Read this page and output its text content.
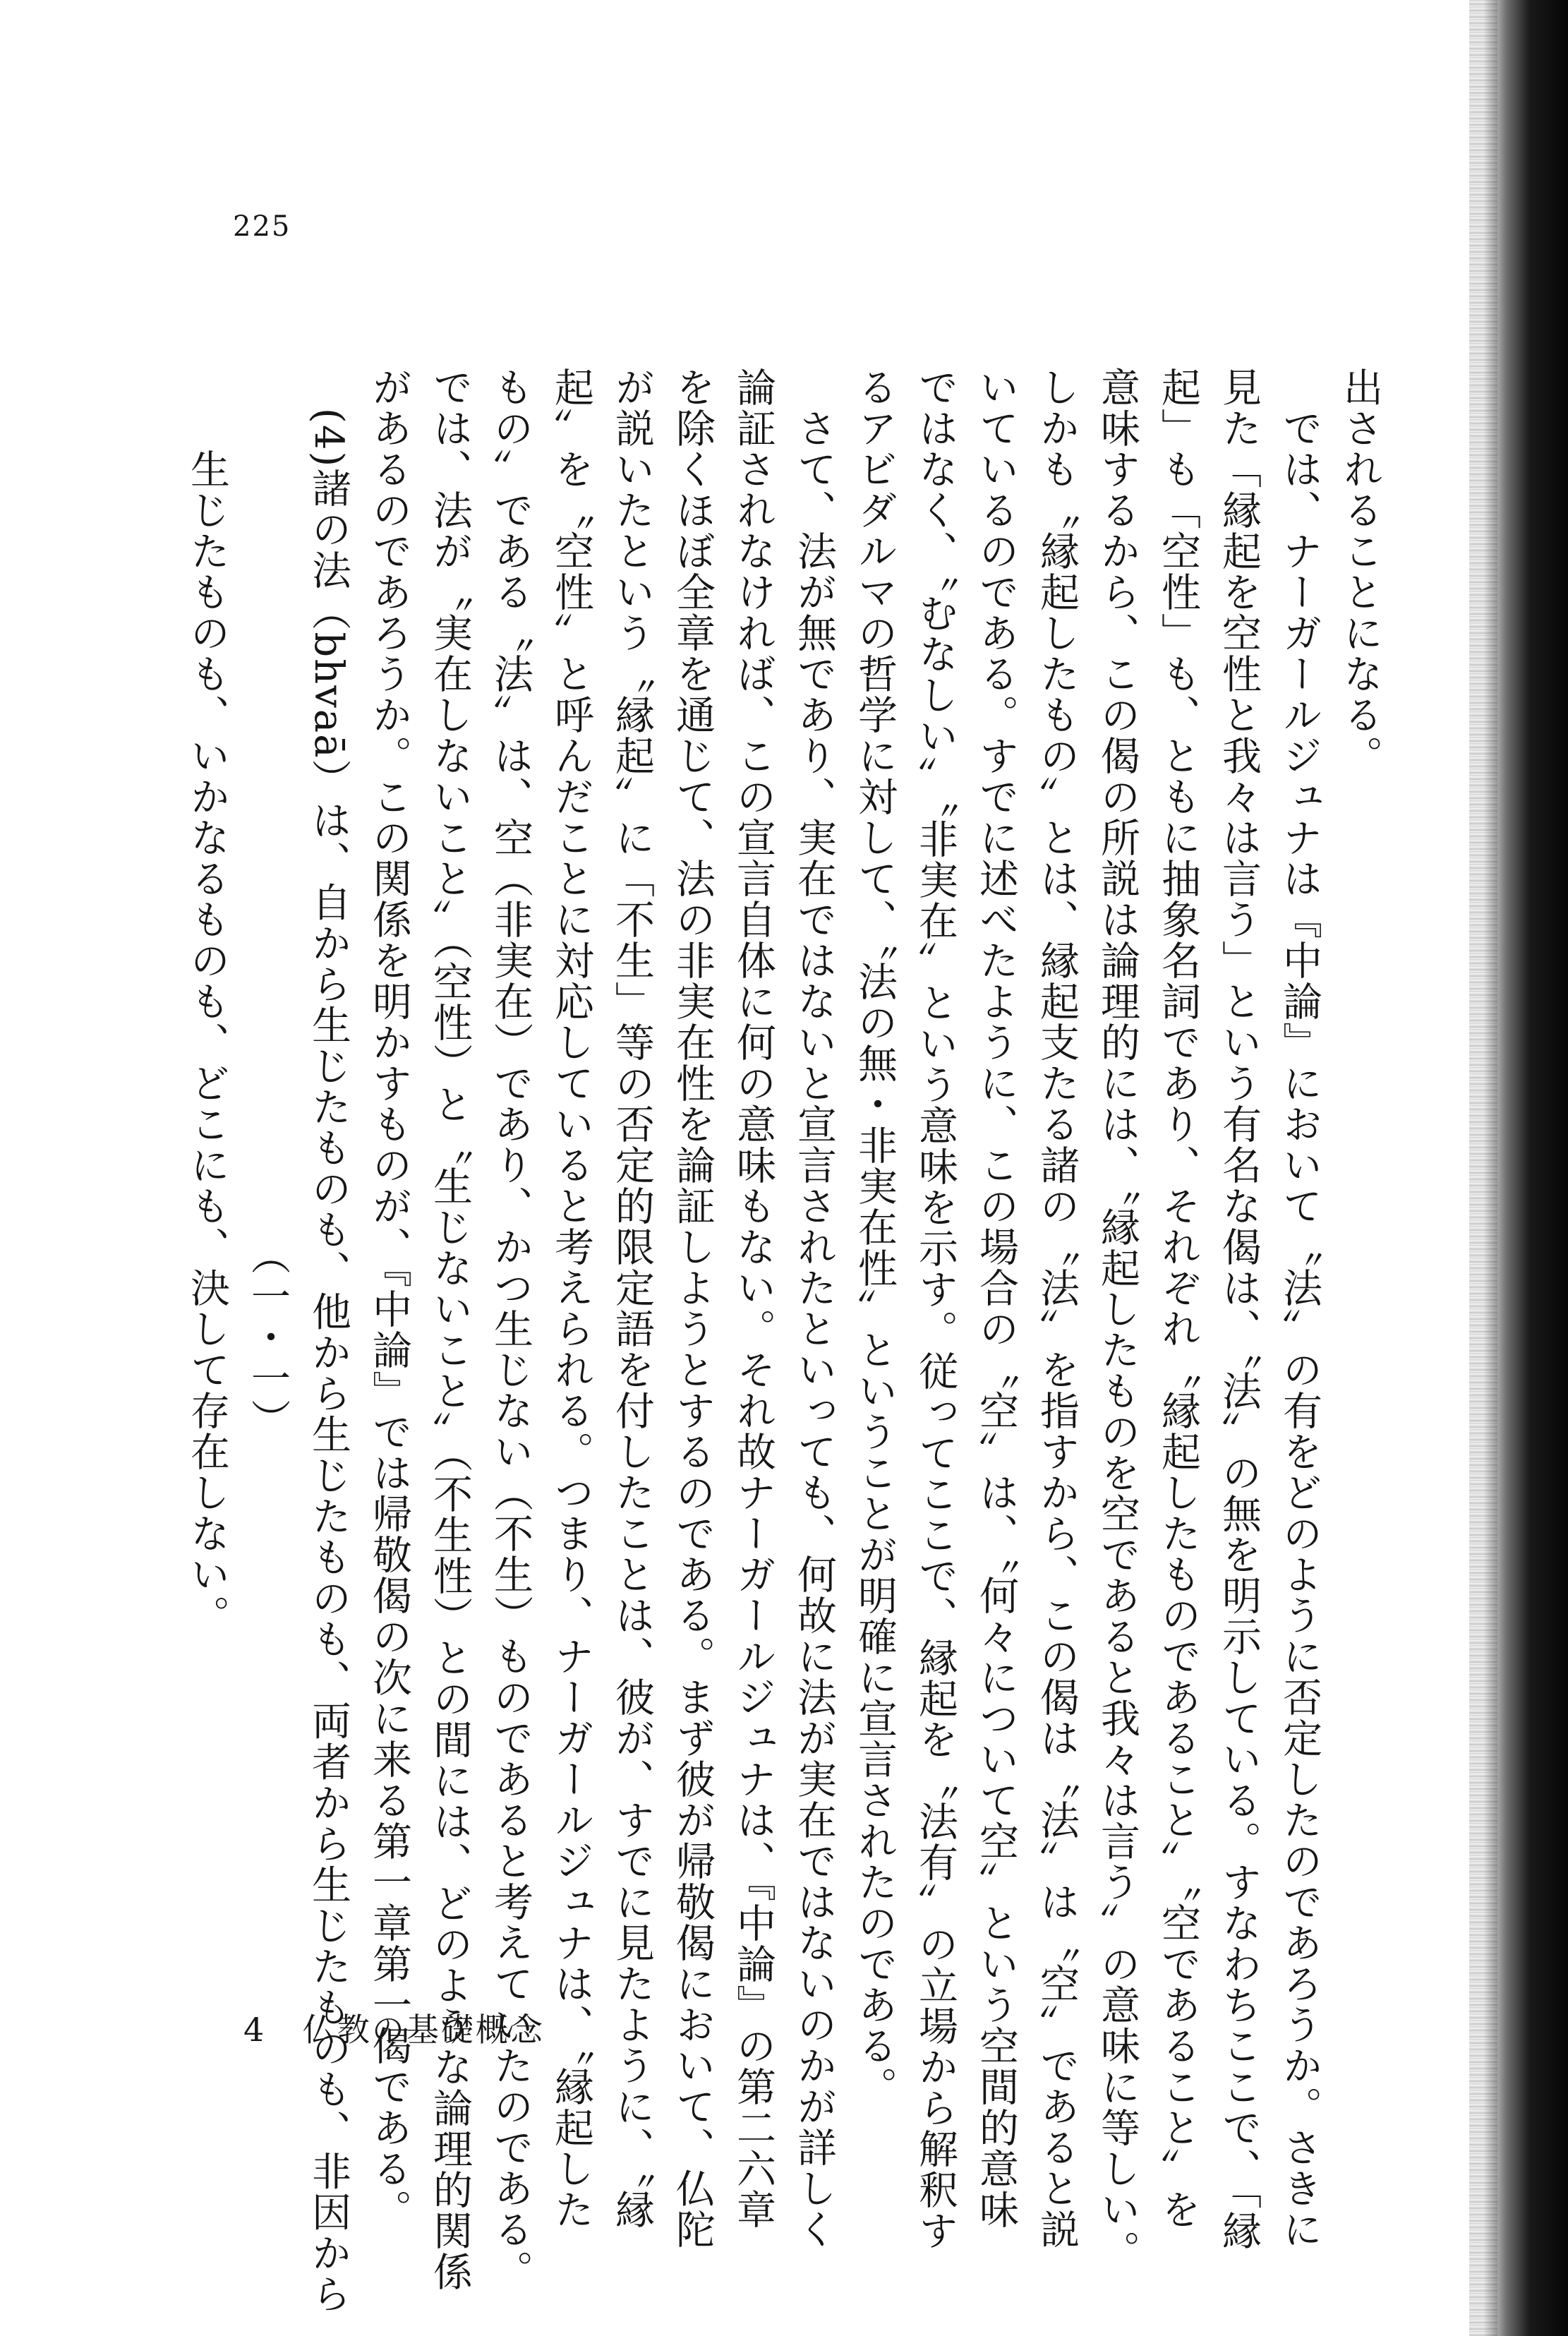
225
出されることになる。
　では、ナーガールジュナは『中論』において〝法〟の有をどのように否定したのであろうか。さきに
見た「縁起を空性と我々は言う」という有名な偈は、〝法〟の無を明示している。すなわちここで、「縁
起」も「空性」も、ともに抽象名詞であり、それぞれ〝縁起したものであること〟〝空であること〟を
意味するから、この偈の所説は論理的には、〝縁起したものを空であると我々は言う〟の意味に等しい。
しかも〝縁起したもの〟とは、縁起支たる諸の〝法〟を指すから、この偈は〝法〟は〝空〟であると説
いているのである。すでに述べたように、この場合の〝空〟は、〝何々について空〟という空間的意味
ではなく、〝むなしい〟〝非実在〟という意味を示す。従ってここで、縁起を〝法有〟の立場から解釈す
るアビダルマの哲学に対して、〝法の無・非実在性〟ということが明確に宣言されたのである。
　さて、法が無であり、実在ではないと宣言されたといっても、何故に法が実在ではないのかが詳しく
論証されなければ、この宣言自体に何の意味もない。それ故ナーガールジュナは、『中論』の第二六章
を除くほぼ全章を通じて、法の非実在性を論証しようとするのである。まず彼が帰敬偈において、仏陀
が説いたという〝縁起〟に「不生」等の否定的限定語を付したことは、彼が、すでに見たように、〝縁
起〟を〝空性〟と呼んだことに対応していると考えられる。つまり、ナーガールジュナは、〝縁起した
もの〟である〝法〟は、空（非実在）であり、かつ生じない（不生）ものであると考えていたのである。
では、法が〝実在しないこと〟（空性）と〝生じないこと〟（不生性）との間には、どのような論理的関係
があるのであろうか。この関係を明かすものが、『中論』では帰敬偈の次に来る第一章第一偈である。
　(4)諸の法（bhvaā）は、自から生じたものも、他から生じたものも、両者から生じたものも、非因から
（一・一）
　　生じたものも、いかなるものも、どこにも、決して存在しない。
4 仏教の基礎概念
